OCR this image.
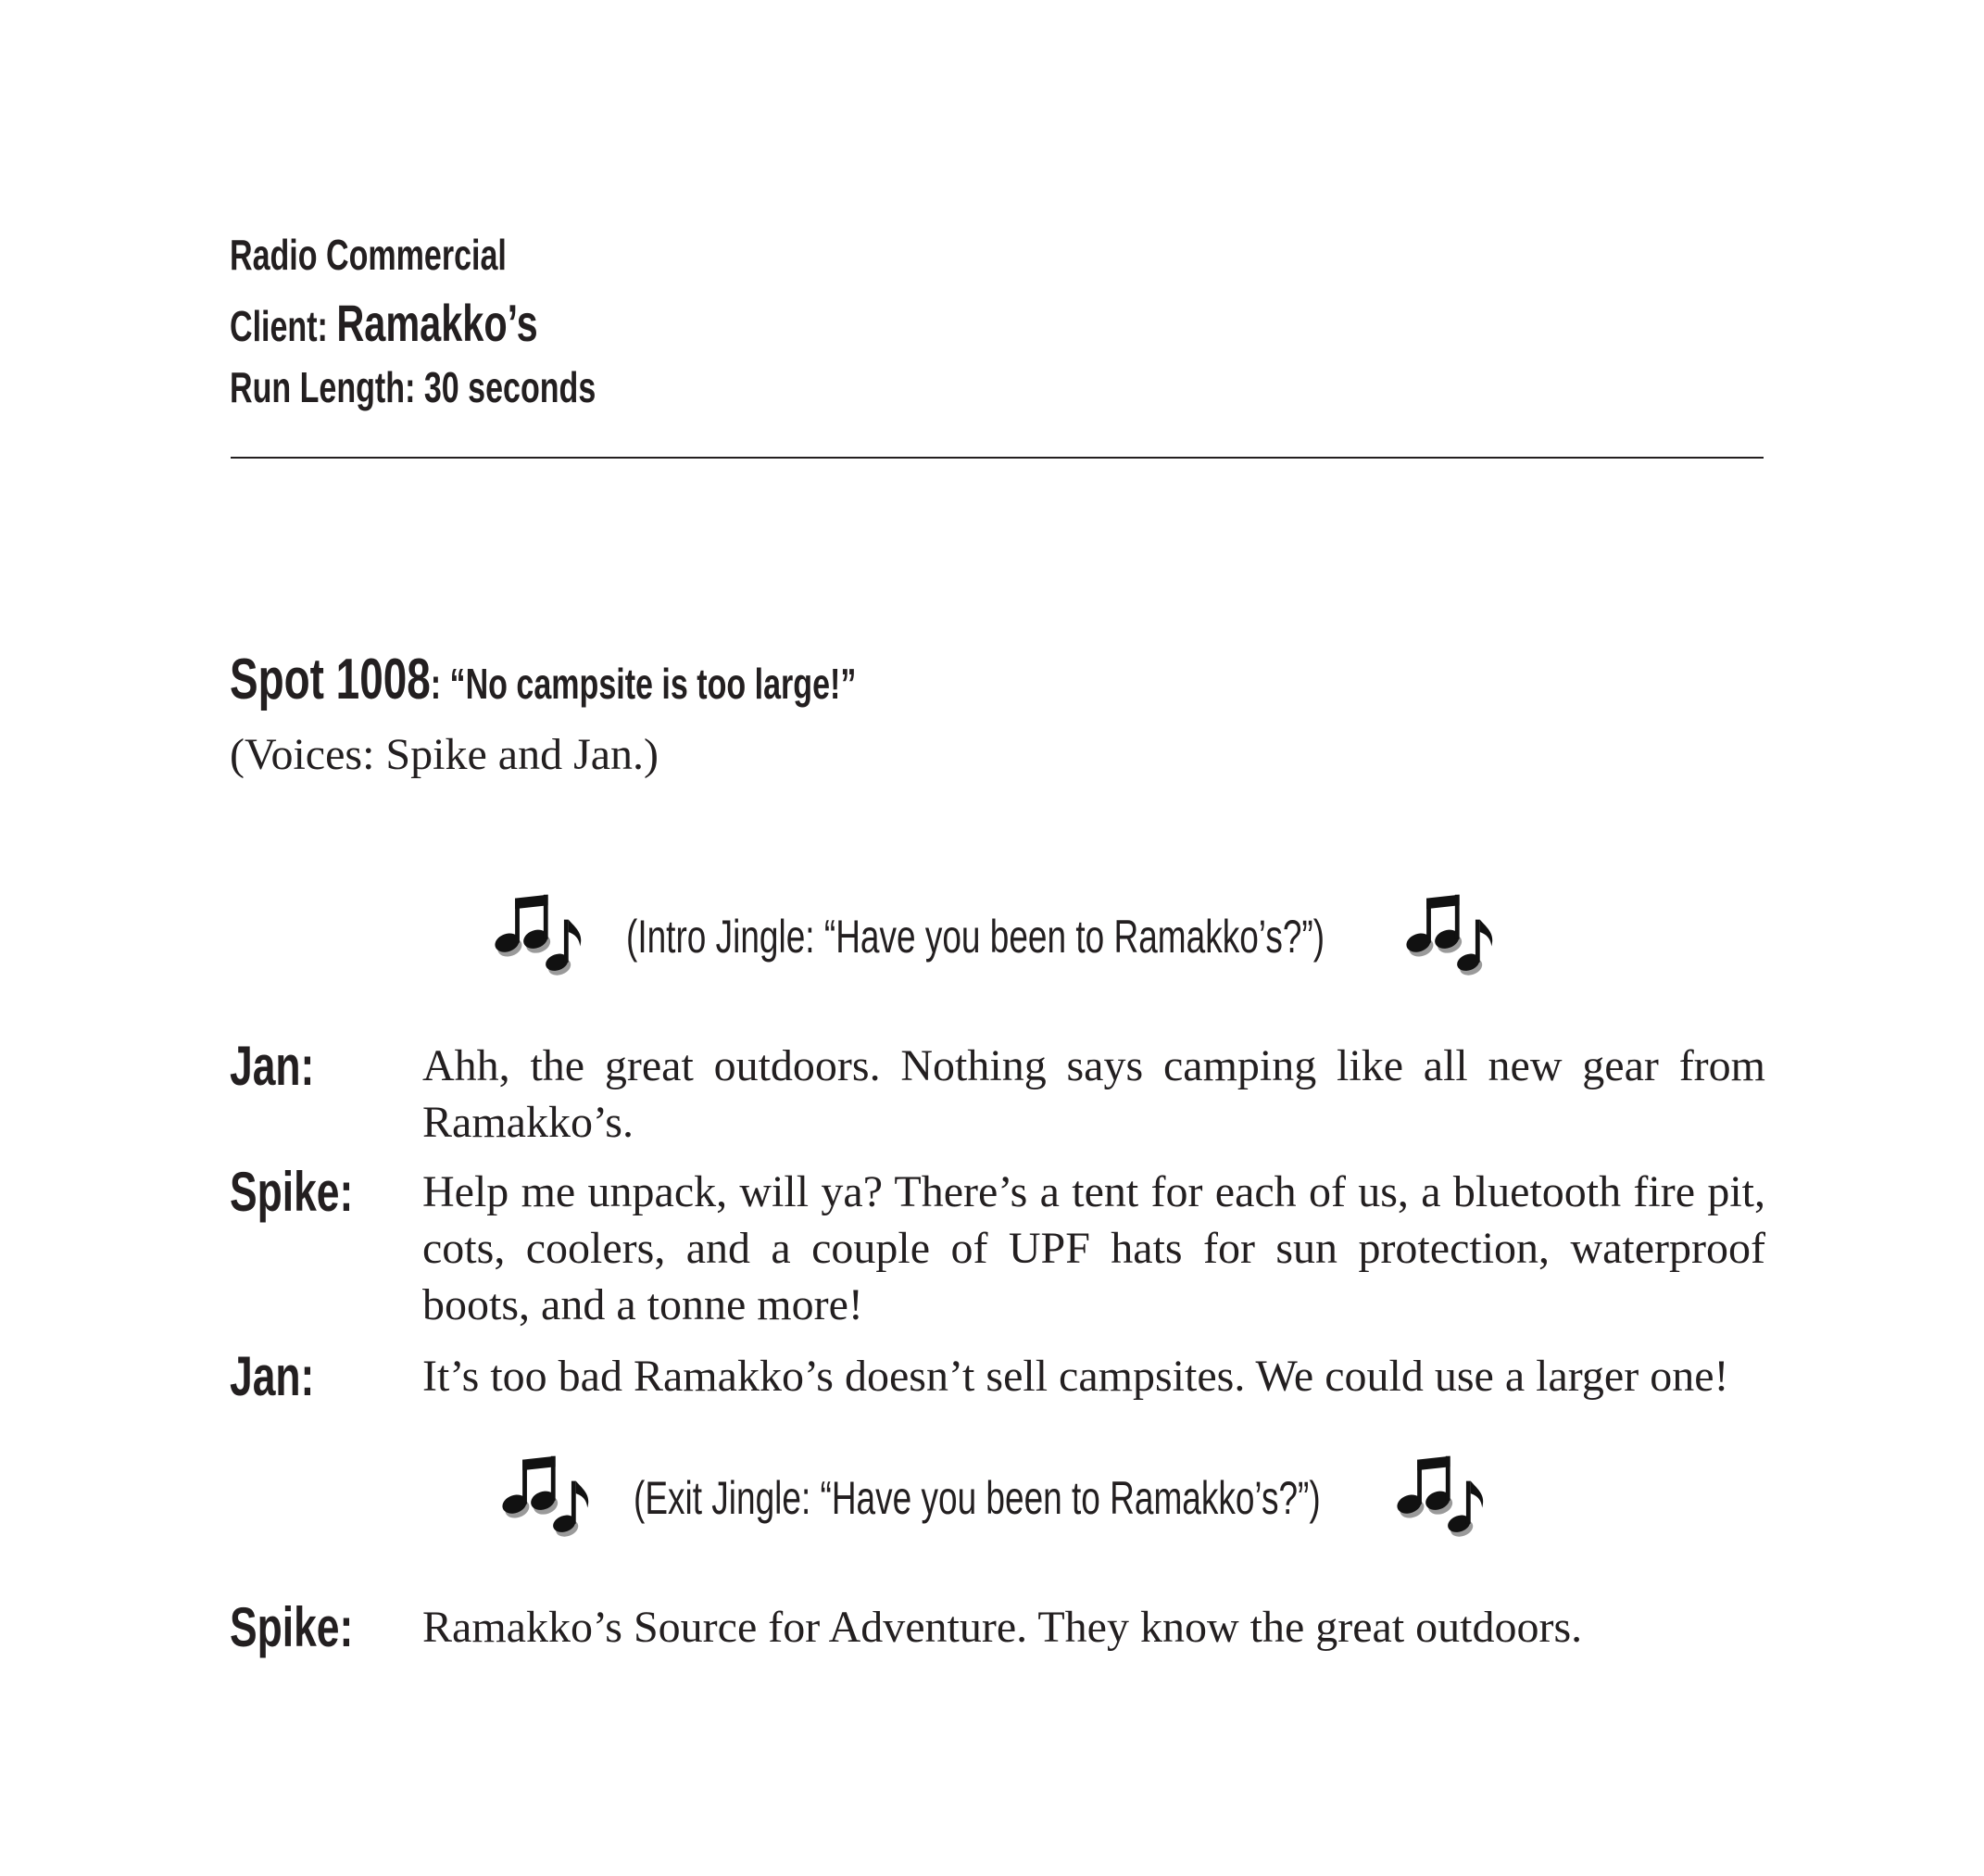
Radio Commercial
Client: Ramakko’s
Run Length: 30 seconds
Spot 1008: “No campsite is too large!”
(Voices: Spike and Jan.)
(Intro Jingle: “Have you been to Ramakko’s?”)
Jan: Ahh, the great outdoors. Nothing says camping like all new gear from Ramakko’s.
Spike: Help me unpack, will ya? There’s a tent for each of us, a bluetooth fire pit, cots, coolers, and a couple of UPF hats for sun protection, waterproof boots, and a tonne more!
Jan: It’s too bad Ramakko’s doesn’t sell campsites. We could use a larger one!
(Exit Jingle: “Have you been to Ramakko’s?”)
Spike: Ramakko’s Source for Adventure. They know the great outdoors.
